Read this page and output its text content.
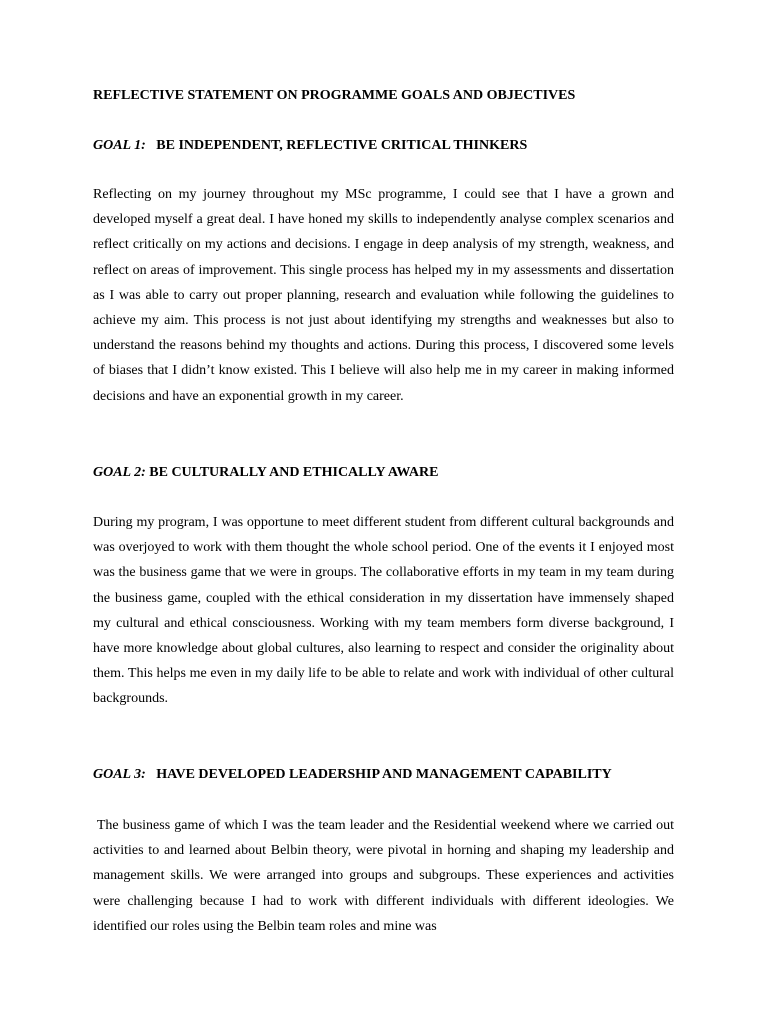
REFLECTIVE STATEMENT ON PROGRAMME GOALS AND OBJECTIVES
GOAL 1: BE INDEPENDENT, REFLECTIVE CRITICAL THINKERS

Reflecting on my journey throughout my MSc programme, I could see that I have a grown and developed myself a great deal. I have honed my skills to independently analyse complex scenarios and reflect critically on my actions and decisions. I engage in deep analysis of my strength, weakness, and reflect on areas of improvement. This single process has helped my in my assessments and dissertation as I was able to carry out proper planning, research and evaluation while following the guidelines to achieve my aim. This process is not just about identifying my strengths and weaknesses but also to understand the reasons behind my thoughts and actions. During this process, I discovered some levels of biases that I didn’t know existed. This I believe will also help me in my career in making informed decisions and have an exponential growth in my career.

GOAL 2: BE CULTURALLY AND ETHICALLY AWARE

During my program, I was opportune to meet different student from different cultural backgrounds and was overjoyed to work with them thought the whole school period. One of the events it I enjoyed most was the business game that we were in groups. The collaborative efforts in my team in my team during the business game, coupled with the ethical consideration in my dissertation have immensely shaped my cultural and ethical consciousness. Working with my team members form diverse background, I have more knowledge about global cultures, also learning to respect and consider the originality about them. This helps me even in my daily life to be able to relate and work with individual of other cultural backgrounds.

GOAL 3: HAVE DEVELOPED LEADERSHIP AND MANAGEMENT CAPABILITY

The business game of which I was the team leader and the Residential weekend where we carried out activities to and learned about Belbin theory, were pivotal in horning and shaping my leadership and management skills. We were arranged into groups and subgroups. These experiences and activities were challenging because I had to work with different individuals with different ideologies. We identified our roles using the Belbin team roles and mine was
